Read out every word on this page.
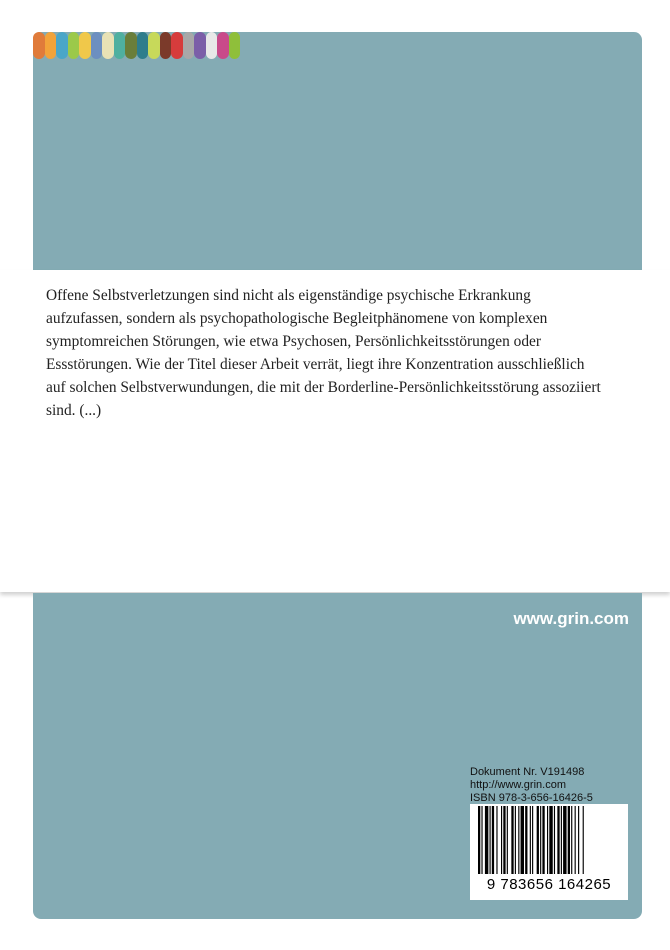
Offene Selbstverletzungen sind nicht als eigenständige psychische Erkrankung aufzufassen, sondern als psychopathologische Begleitphänomene von komplexen symptomreichen Störungen, wie etwa Psychosen, Persönlichkeitsstörungen oder Essstörungen. Wie der Titel dieser Arbeit verrät, liegt ihre Konzentration ausschließlich auf solchen Selbstverwundungen, die mit der Borderline-Persönlichkeitsstörung assoziiert sind. (...)

www.grin.com
Dokument Nr. V191498
http://www.grin.com
ISBN 978-3-656-16426-5
9 783656 164265
